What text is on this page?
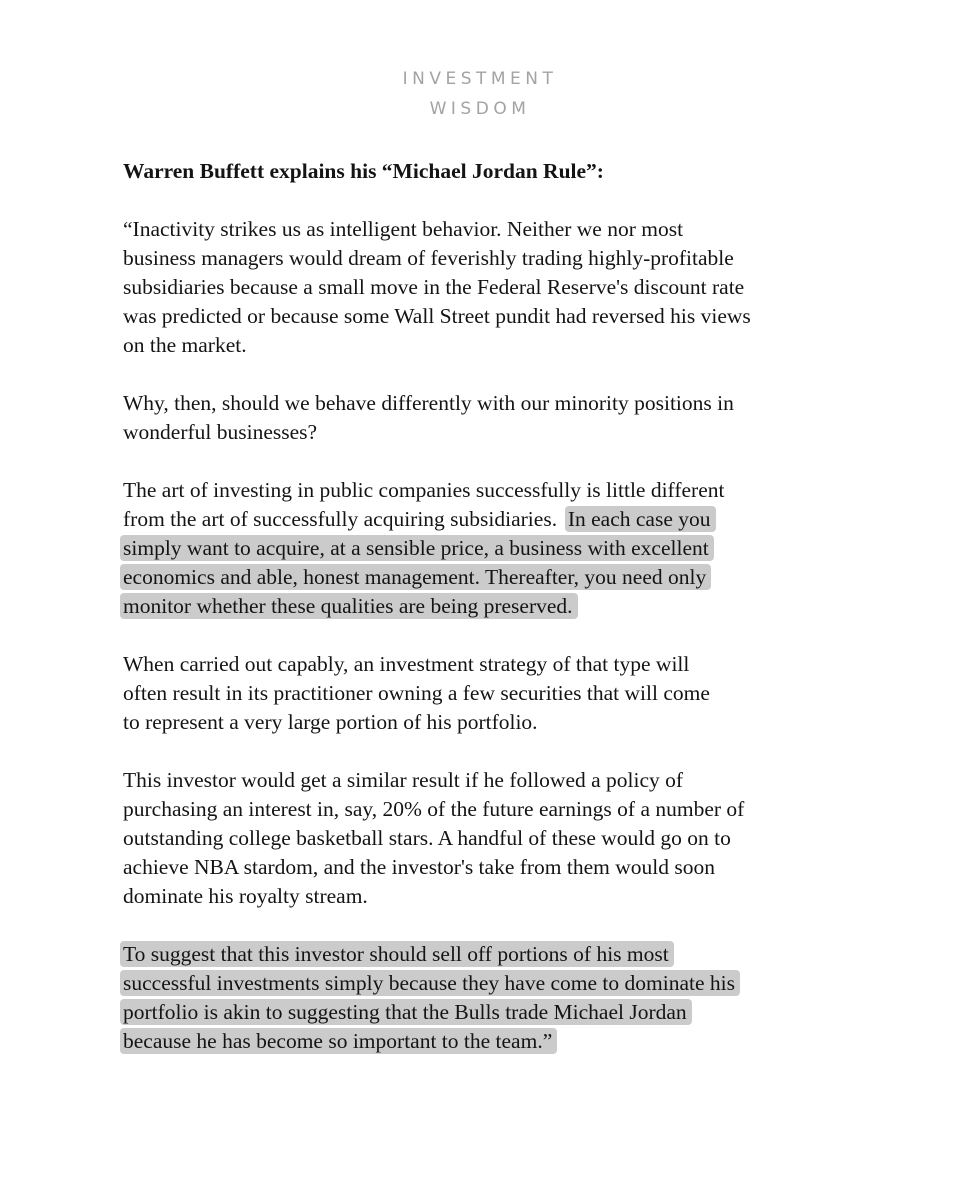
INVESTMENT
WISDOM
Warren Buffett explains his “Michael Jordan Rule”:
“Inactivity strikes us as intelligent behavior. Neither we nor most
business managers would dream of feverishly trading highly-profitable
subsidiaries because a small move in the Federal Reserve's discount rate
was predicted or because some Wall Street pundit had reversed his views
on the market.
Why, then, should we behave differently with our minority positions in
wonderful businesses?
The art of investing in public companies successfully is little different
from the art of successfully acquiring subsidiaries. In each case you
simply want to acquire, at a sensible price, a business with excellent
economics and able, honest management. Thereafter, you need only
monitor whether these qualities are being preserved.
When carried out capably, an investment strategy of that type will
often result in its practitioner owning a few securities that will come
to represent a very large portion of his portfolio.
This investor would get a similar result if he followed a policy of
purchasing an interest in, say, 20% of the future earnings of a number of
outstanding college basketball stars. A handful of these would go on to
achieve NBA stardom, and the investor's take from them would soon
dominate his royalty stream.
To suggest that this investor should sell off portions of his most
successful investments simply because they have come to dominate his
portfolio is akin to suggesting that the Bulls trade Michael Jordan
because he has become so important to the team.”
